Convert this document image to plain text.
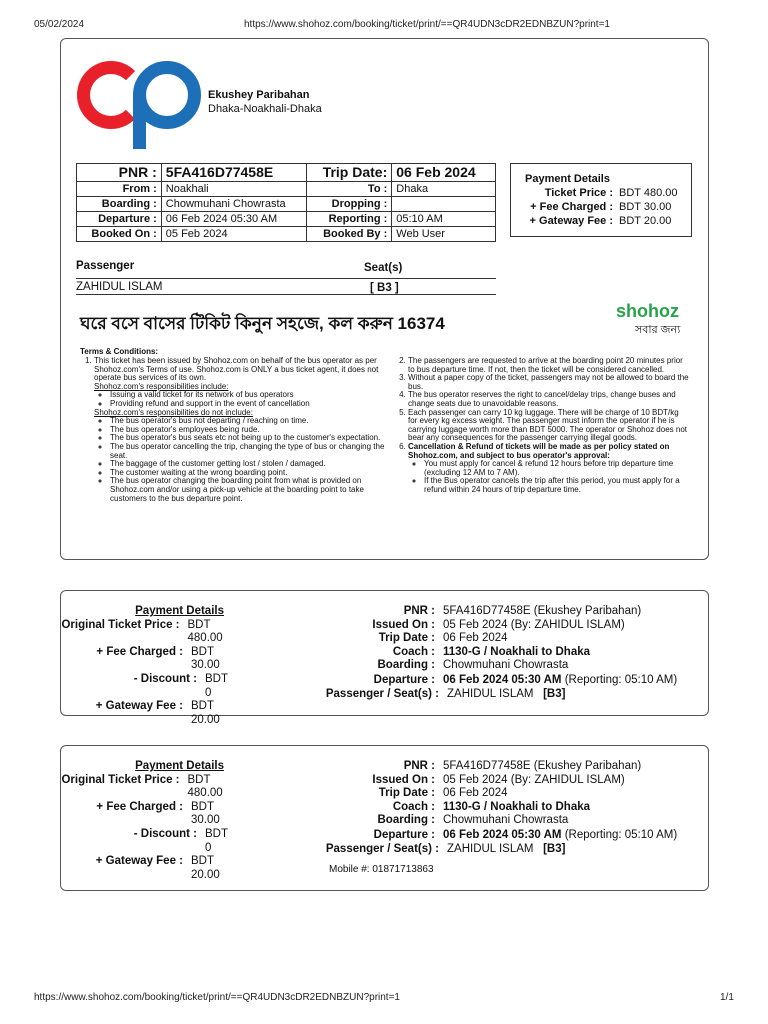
05/02/2024	https://www.shohoz.com/booking/ticket/print/==QR4UDN3cDR2EDNBZUN?print=1
Ekushey Paribahan
Dhaka-Noakhali-Dhaka
PNR :	5FA416D77458E	Trip Date:	06 Feb 2024
From :	Noakhali	To :	Dhaka
Boarding :	Chowmuhani Chowrasta	Dropping :	
Departure :	06 Feb 2024 05:30 AM	Reporting :	05:10 AM
Booked On :	05 Feb 2024	Booked By :	Web User
Payment Details
Ticket Price : BDT 480.00
+ Fee Charged : BDT 30.00
+ Gateway Fee : BDT 20.00
Passenger	Seat(s)
ZAHIDUL ISLAM	[ B3 ]
ঘরে বসে বাসের টিকিট কিনুন সহজে, কল করুন 16374
shohoz
সবার জন্য
Terms & Conditions:
1. This ticket has been issued by Shohoz.com on behalf of the bus operator as per Shohoz.com's Terms of use. Shohoz.com is ONLY a bus ticket agent, it does not operate bus services of its own.
Shohoz.com's responsibilities include:
◦ Issuing a valid ticket for its network of bus operators
◦ Providing refund and support in the event of cancellation
Shohoz.com's responsibilities do not include:
◦ The bus operator's bus not departing / reaching on time.
◦ The bus operator's employees being rude.
◦ The bus operator's bus seats etc not being up to the customer's expectation.
◦ The bus operator cancelling the trip, changing the type of bus or changing the seat.
◦ The baggage of the customer getting lost / stolen / damaged.
◦ The customer waiting at the wrong boarding point.
◦ The bus operator changing the boarding point from what is provided on Shohoz.com and/or using a pick-up vehicle at the boarding point to take customers to the bus departure point.
2. The passengers are requested to arrive at the boarding point 20 minutes prior to bus departure time. If not, then the ticket will be considered cancelled.
3. Without a paper copy of the ticket, passengers may not be allowed to board the bus.
4. The bus operator reserves the right to cancel/delay trips, change buses and change seats due to unavoidable reasons.
5. Each passenger can carry 10 kg luggage. There will be charge of 10 BDT/kg for every kg excess weight. The passenger must inform the operator if he is carrying luggage worth more than BDT 5000. The operator or Shohoz does not bear any consequences for the passenger carrying illegal goods.
6. Cancellation & Refund of tickets will be made as per policy stated on Shohoz.com, and subject to bus operator's approval:
◦ You must apply for cancel & refund 12 hours before trip departure time (excluding 12 AM to 7 AM).
◦ If the Bus operator cancels the trip after this period, you must apply for a refund within 24 hours of trip departure time.
Payment Details
Original Ticket Price : BDT 480.00
+ Fee Charged : BDT 30.00
- Discount : BDT 0
+ Gateway Fee : BDT 20.00
PNR : 5FA416D77458E (Ekushey Paribahan)
Issued On : 05 Feb 2024 (By: ZAHIDUL ISLAM)
Trip Date : 06 Feb 2024
Coach : 1130-G / Noakhali to Dhaka
Boarding : Chowmuhani Chowrasta
Departure : 06 Feb 2024 05:30 AM
(Reporting: 05:10 AM)
Passenger / Seat(s) : ZAHIDUL ISLAM
[B3]
Payment Details
Original Ticket Price : BDT 480.00
+ Fee Charged : BDT 30.00
- Discount : BDT 0
+ Gateway Fee : BDT 20.00
PNR : 5FA416D77458E (Ekushey Paribahan)
Issued On : 05 Feb 2024 (By: ZAHIDUL ISLAM)
Trip Date : 06 Feb 2024
Coach : 1130-G / Noakhali to Dhaka
Boarding : Chowmuhani Chowrasta
Departure : 06 Feb 2024 05:30 AM
(Reporting: 05:10 AM)
Passenger / Seat(s) : ZAHIDUL ISLAM
[B3]
Mobile #: 01871713863
https://www.shohoz.com/booking/ticket/print/==QR4UDN3cDR2EDNBZUN?print=1	1/1
